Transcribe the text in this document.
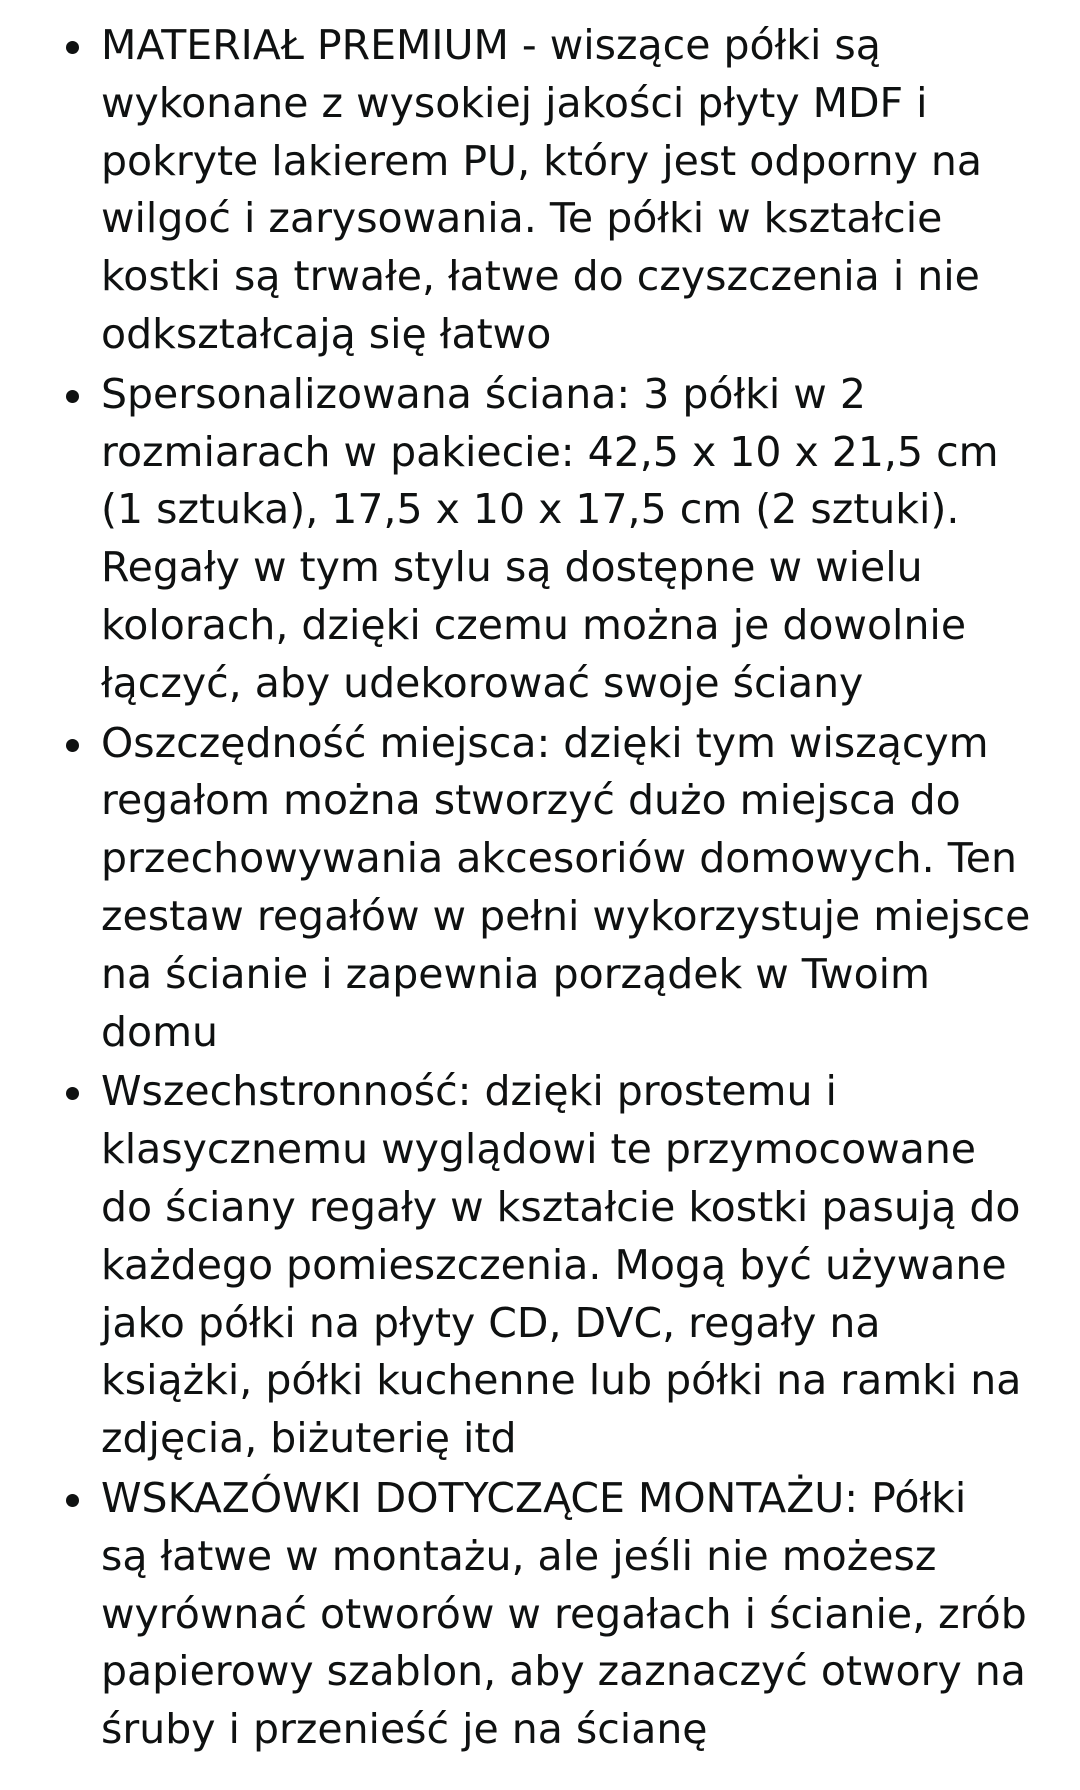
MATERIAŁ PREMIUM - wiszące półki są
wykonane z wysokiej jakości płyty MDF i
pokryte lakierem PU, który jest odporny na
wilgoć i zarysowania. Te półki w kształcie
kostki są trwałe, łatwe do czyszczenia i nie
odkształcają się łatwo
Spersonalizowana ściana: 3 półki w 2
rozmiarach w pakiecie: 42,5 x 10 x 21,5 cm
(1 sztuka), 17,5 x 10 x 17,5 cm (2 sztuki).
Regały w tym stylu są dostępne w wielu
kolorach, dzięki czemu można je dowolnie
łączyć, aby udekorować swoje ściany
Oszczędność miejsca: dzięki tym wiszącym
regałom można stworzyć dużo miejsca do
przechowywania akcesoriów domowych. Ten
zestaw regałów w pełni wykorzystuje miejsce
na ścianie i zapewnia porządek w Twoim
domu
Wszechstronność: dzięki prostemu i
klasycznemu wyglądowi te przymocowane
do ściany regały w kształcie kostki pasują do
każdego pomieszczenia. Mogą być używane
jako półki na płyty CD, DVC, regały na
książki, półki kuchenne lub półki na ramki na
zdjęcia, biżuterię itd
WSKAZÓWKI DOTYCZĄCE MONTAŻU: Półki
są łatwe w montażu, ale jeśli nie możesz
wyrównać otworów w regałach i ścianie, zrób
papierowy szablon, aby zaznaczyć otwory na
śruby i przenieść je na ścianę
